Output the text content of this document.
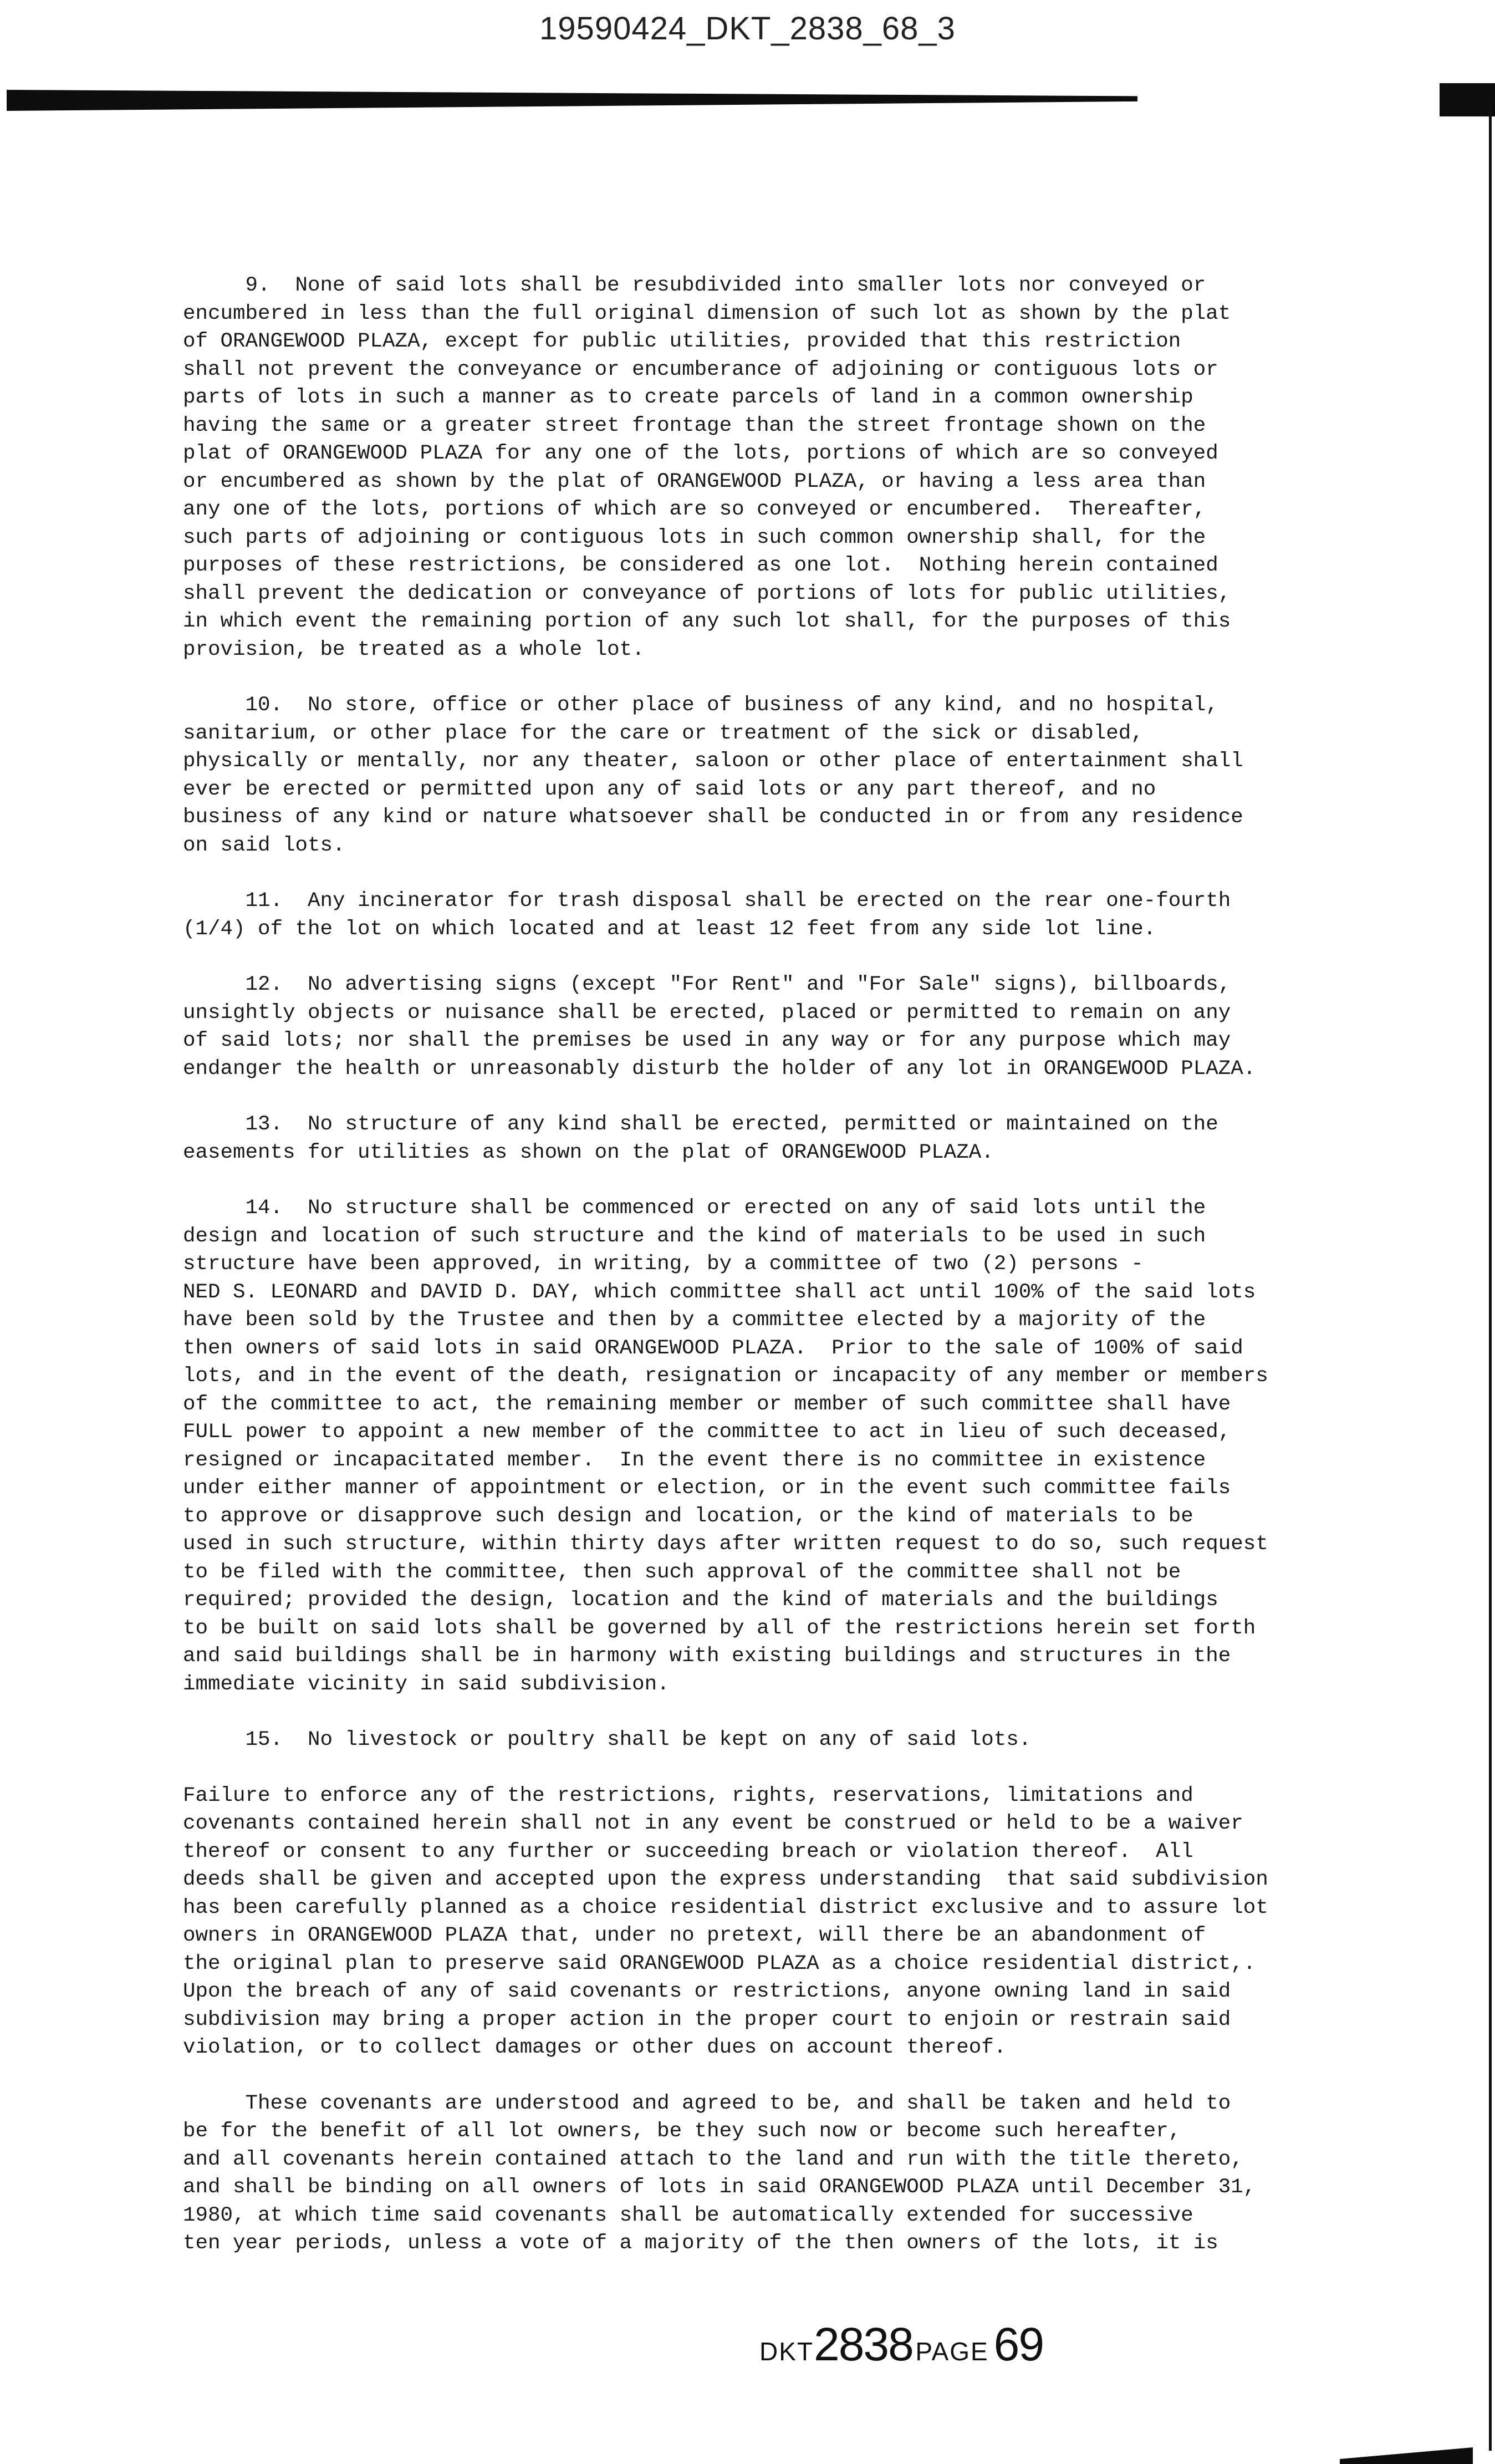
19590424_DKT_2838_68_3
9.  None of said lots shall be resubdivided into smaller lots nor conveyed or
encumbered in less than the full original dimension of such lot as shown by the plat
of ORANGEWOOD PLAZA, except for public utilities, provided that this restriction
shall not prevent the conveyance or encumberance of adjoining or contiguous lots or
parts of lots in such a manner as to create parcels of land in a common ownership
having the same or a greater street frontage than the street frontage shown on the
plat of ORANGEWOOD PLAZA for any one of the lots, portions of which are so conveyed
or encumbered as shown by the plat of ORANGEWOOD PLAZA, or having a less area than
any one of the lots, portions of which are so conveyed or encumbered.  Thereafter,
such parts of adjoining or contiguous lots in such common ownership shall, for the
purposes of these restrictions, be considered as one lot.  Nothing herein contained
shall prevent the dedication or conveyance of portions of lots for public utilities,
in which event the remaining portion of any such lot shall, for the purposes of this
provision, be treated as a whole lot.
10.  No store, office or other place of business of any kind, and no hospital,
sanitarium, or other place for the care or treatment of the sick or disabled,
physically or mentally, nor any theater, saloon or other place of entertainment shall
ever be erected or permitted upon any of said lots or any part thereof, and no
business of any kind or nature whatsoever shall be conducted in or from any residence
on said lots.
11.  Any incinerator for trash disposal shall be erected on the rear one-fourth
(1/4) of the lot on which located and at least 12 feet from any side lot line.
12.  No advertising signs (except "For Rent" and "For Sale" signs), billboards,
unsightly objects or nuisance shall be erected, placed or permitted to remain on any
of said lots; nor shall the premises be used in any way or for any purpose which may
endanger the health or unreasonably disturb the holder of any lot in ORANGEWOOD PLAZA.
13.  No structure of any kind shall be erected, permitted or maintained on the
easements for utilities as shown on the plat of ORANGEWOOD PLAZA.
14.  No structure shall be commenced or erected on any of said lots until the
design and location of such structure and the kind of materials to be used in such
structure have been approved, in writing, by a committee of two (2) persons -
NED S. LEONARD and DAVID D. DAY, which committee shall act until 100% of the said lots
have been sold by the Trustee and then by a committee elected by a majority of the
then owners of said lots in said ORANGEWOOD PLAZA.  Prior to the sale of 100% of said
lots, and in the event of the death, resignation or incapacity of any member or members
of the committee to act, the remaining member or member of such committee shall have
FULL power to appoint a new member of the committee to act in lieu of such deceased,
resigned or incapacitated member.  In the event there is no committee in existence
under either manner of appointment or election, or in the event such committee fails
to approve or disapprove such design and location, or the kind of materials to be
used in such structure, within thirty days after written request to do so, such request
to be filed with the committee, then such approval of the committee shall not be
required; provided the design, location and the kind of materials and the buildings
to be built on said lots shall be governed by all of the restrictions herein set forth
and said buildings shall be in harmony with existing buildings and structures in the
immediate vicinity in said subdivision.
15.  No livestock or poultry shall be kept on any of said lots.
Failure to enforce any of the restrictions, rights, reservations, limitations and
covenants contained herein shall not in any event be construed or held to be a waiver
thereof or consent to any further or succeeding breach or violation thereof.  All
deeds shall be given and accepted upon the express understanding  that said subdivision
has been carefully planned as a choice residential district exclusive and to assure lot
owners in ORANGEWOOD PLAZA that, under no pretext, will there be an abandonment of
the original plan to preserve said ORANGEWOOD PLAZA as a choice residential district,.
Upon the breach of any of said covenants or restrictions, anyone owning land in said
subdivision may bring a proper action in the proper court to enjoin or restrain said
violation, or to collect damages or other dues on account thereof.
These covenants are understood and agreed to be, and shall be taken and held to
be for the benefit of all lot owners, be they such now or become such hereafter,
and all covenants herein contained attach to the land and run with the title thereto,
and shall be binding on all owners of lots in said ORANGEWOOD PLAZA until December 31,
1980, at which time said covenants shall be automatically extended for successive
ten year periods, unless a vote of a majority of the then owners of the lots, it is
DKT2838 PAGE 69
